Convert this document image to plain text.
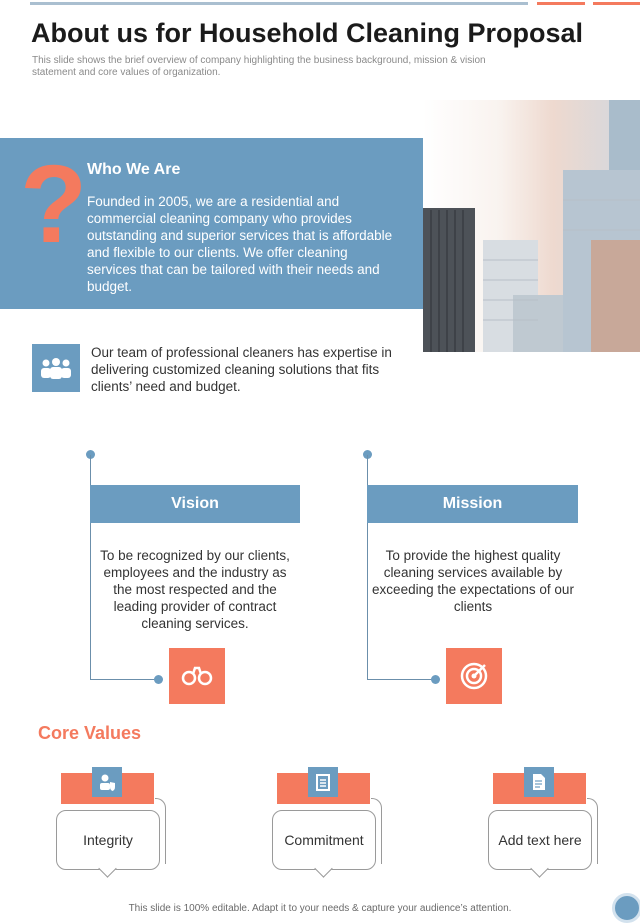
About us for Household Cleaning Proposal
This slide shows the brief overview of company highlighting the business background, mission & vision statement and core values of organization.
? Who We Are

Founded in 2005, we are a residential and commercial cleaning company who provides outstanding and superior services that is affordable and flexible to our clients. We offer cleaning services that can be tailored with their needs and budget.

Our team of professional cleaners has expertise in delivering customized cleaning solutions that fits clients’ need and budget.

Vision

To be recognized by our clients, employees and the industry as the most respected and the leading provider of contract cleaning services.

Mission

To provide the highest quality cleaning services available by exceeding the expectations of our clients

Core Values
Integrity	Commitment	Add text here
This slide is 100% editable. Adapt it to your needs & capture your audience’s attention.
